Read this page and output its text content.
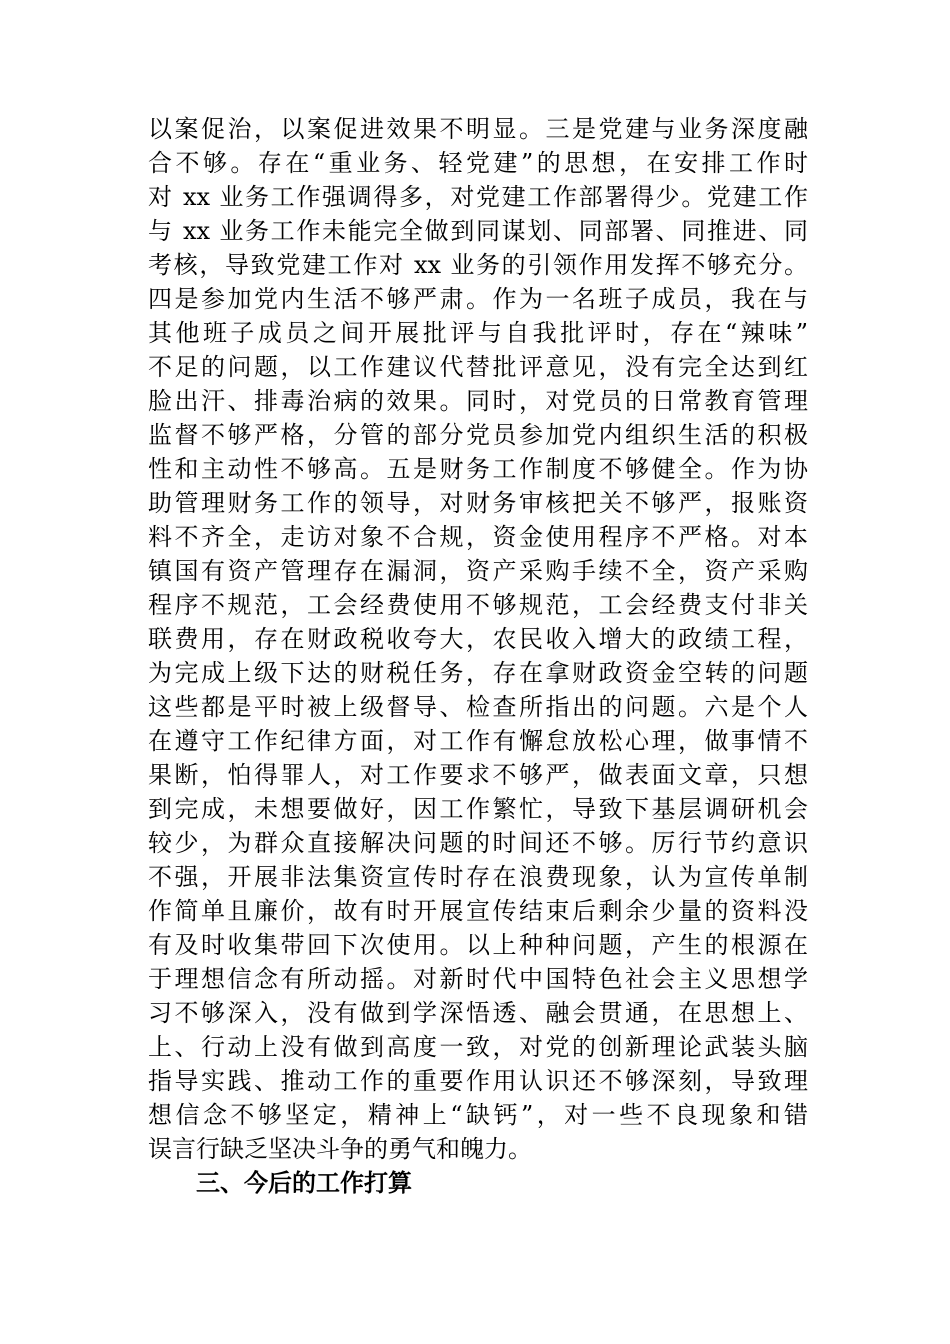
以案促治，以案促进效果不明显。三是党建与业务深度融
合不够。存在“重业务、轻党建”的思想，在安排工作时
对 xx 业务工作强调得多，对党建工作部署得少。党建工作
与 xx 业务工作未能完全做到同谋划、同部署、同推进、同
考核，导致党建工作对 xx 业务的引领作用发挥不够充分。
四是参加党内生活不够严肃。作为一名班子成员，我在与
其他班子成员之间开展批评与自我批评时，存在“辣味”
不足的问题，以工作建议代替批评意见，没有完全达到红
脸出汗、排毒治病的效果。同时，对党员的日常教育管理
监督不够严格，分管的部分党员参加党内组织生活的积极
性和主动性不够高。五是财务工作制度不够健全。作为协
助管理财务工作的领导，对财务审核把关不够严，报账资
料不齐全，走访对象不合规，资金使用程序不严格。对本
镇国有资产管理存在漏洞，资产采购手续不全，资产采购
程序不规范，工会经费使用不够规范，工会经费支付非关
联费用，存在财政税收夸大，农民收入增大的政绩工程，
为完成上级下达的财税任务，存在拿财政资金空转的问题
这些都是平时被上级督导、检查所指出的问题。六是个人
在遵守工作纪律方面，对工作有懈怠放松心理，做事情不
果断，怕得罪人，对工作要求不够严，做表面文章，只想
到完成，未想要做好，因工作繁忙，导致下基层调研机会
较少，为群众直接解决问题的时间还不够。厉行节约意识
不强，开展非法集资宣传时存在浪费现象，认为宣传单制
作简单且廉价，故有时开展宣传结束后剩余少量的资料没
有及时收集带回下次使用。以上种种问题，产生的根源在
于理想信念有所动摇。对新时代中国特色社会主义思想学
习不够深入，没有做到学深悟透、融会贯通，在思想上、
上、行动上没有做到高度一致，对党的创新理论武装头脑
指导实践、推动工作的重要作用认识还不够深刻，导致理
想信念不够坚定，精神上“缺钙”，对一些不良现象和错
误言行缺乏坚决斗争的勇气和魄力。
三、今后的工作打算
